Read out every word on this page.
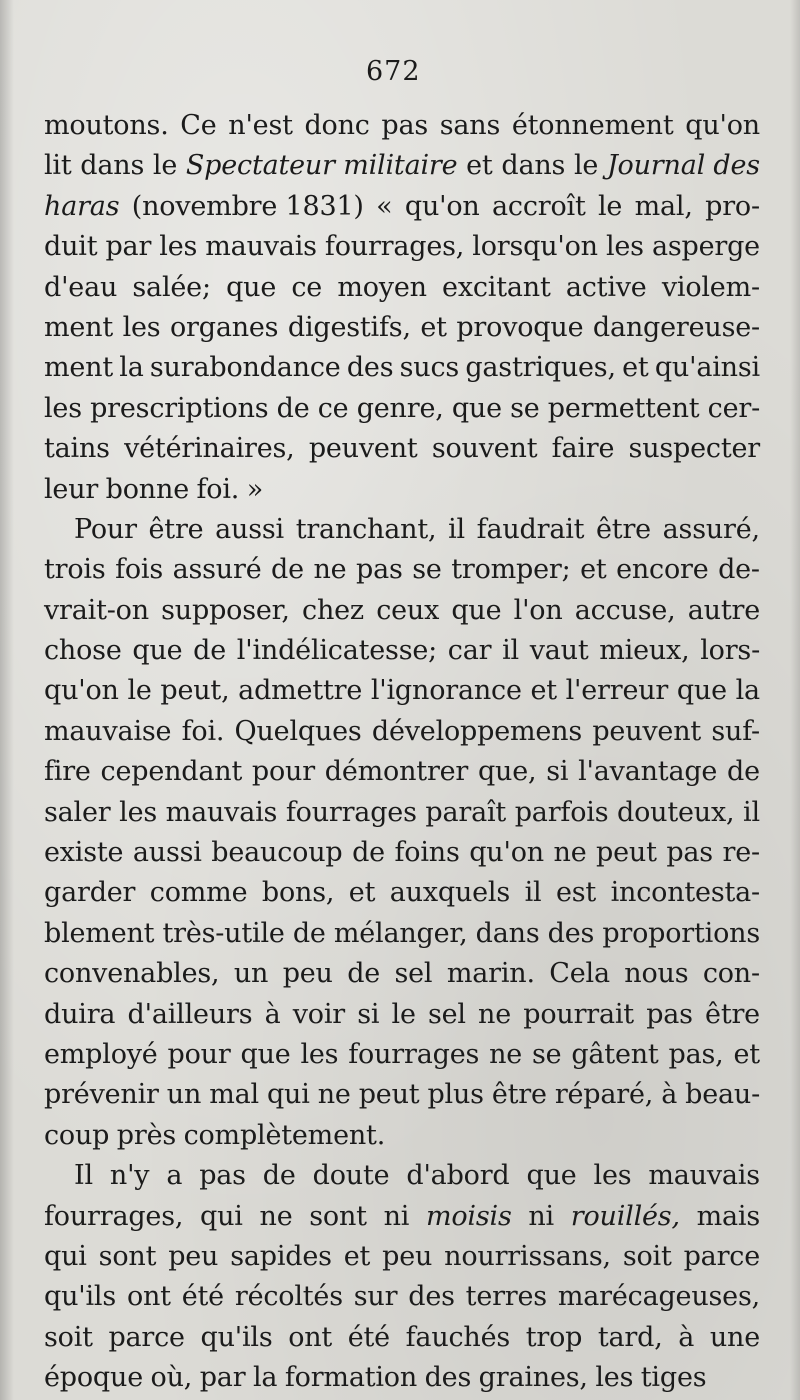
672
moutons. Ce n'est donc pas sans étonnement qu'on
lit dans le Spectateur militaire et dans le Journal des
haras (novembre 1831) « qu'on accroît le mal, pro-
duit par les mauvais fourrages, lorsqu'on les asperge
d'eau salée; que ce moyen excitant active violem-
ment les organes digestifs, et provoque dangereuse-
ment la surabondance des sucs gastriques, et qu'ainsi
les prescriptions de ce genre, que se permettent cer-
tains vétérinaires, peuvent souvent faire suspecter
leur bonne foi. »
Pour être aussi tranchant, il faudrait être assuré,
trois fois assuré de ne pas se tromper; et encore de-
vrait-on supposer, chez ceux que l'on accuse, autre
chose que de l'indélicatesse; car il vaut mieux, lors-
qu'on le peut, admettre l'ignorance et l'erreur que la
mauvaise foi. Quelques développemens peuvent suf-
fire cependant pour démontrer que, si l'avantage de
saler les mauvais fourrages paraît parfois douteux, il
existe aussi beaucoup de foins qu'on ne peut pas re-
garder comme bons, et auxquels il est incontesta-
blement très-utile de mélanger, dans des proportions
convenables, un peu de sel marin. Cela nous con-
duira d'ailleurs à voir si le sel ne pourrait pas être
employé pour que les fourrages ne se gâtent pas, et
prévenir un mal qui ne peut plus être réparé, à beau-
coup près complètement.
Il n'y a pas de doute d'abord que les mauvais
fourrages, qui ne sont ni moisis ni rouillés, mais
qui sont peu sapides et peu nourrissans, soit parce
qu'ils ont été récoltés sur des terres marécageuses,
soit parce qu'ils ont été fauchés trop tard, à une
époque où, par la formation des graines, les tiges
